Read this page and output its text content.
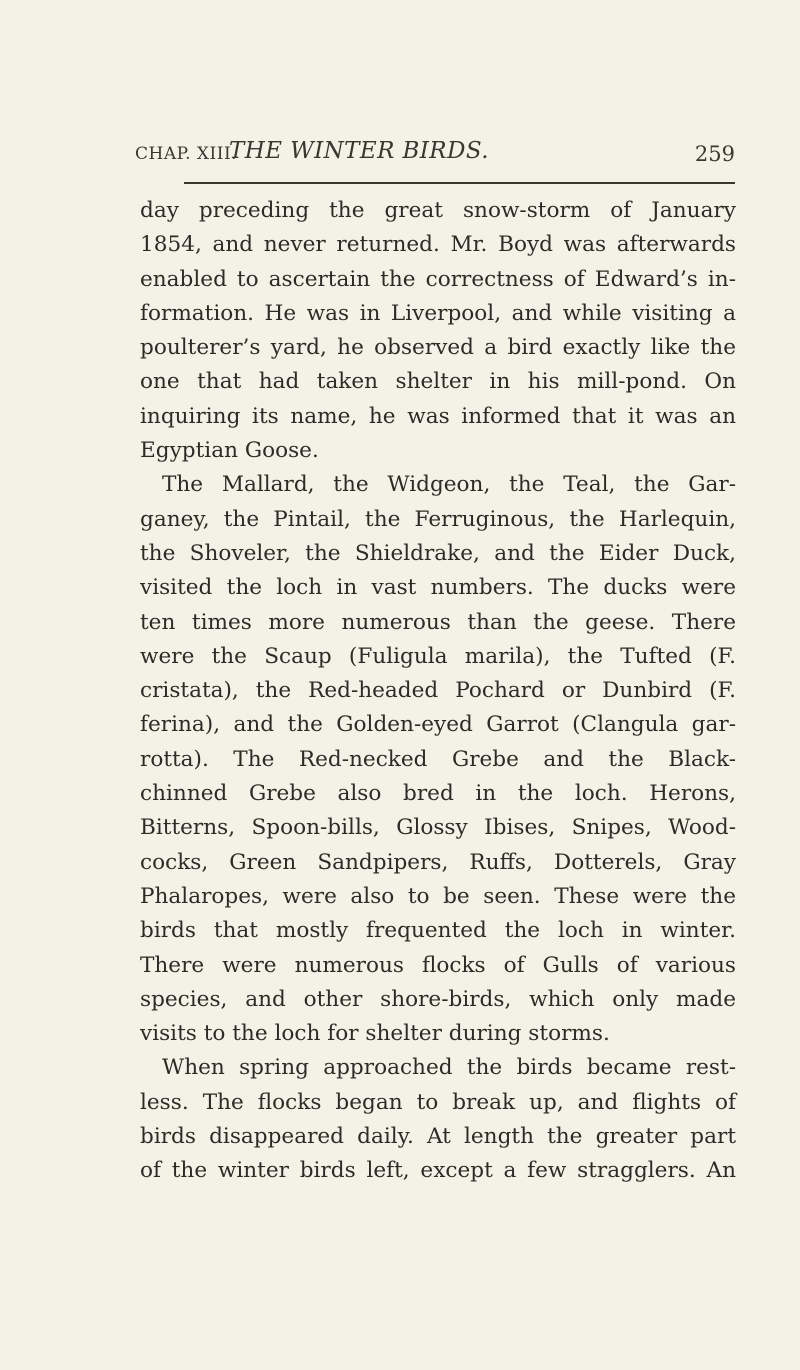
CHAP. XIII.
THE WINTER BIRDS.	259
day preceding the great snow-storm of January
1854, and never returned. Mr. Boyd was afterwards
enabled to ascertain the correctness of Edward’s in-
formation. He was in Liverpool, and while visiting a
poulterer’s yard, he observed a bird exactly like the
one that had taken shelter in his mill-pond. On
inquiring its name, he was informed that it was an
Egyptian Goose.
The Mallard, the Widgeon, the Teal, the Gar-
ganey, the Pintail, the Ferruginous, the Harlequin,
the Shoveler, the Shieldrake, and the Eider Duck,
visited the loch in vast numbers. The ducks were
ten times more numerous than the geese. There
were the Scaup (Fuligula marila), the Tufted (F.
cristata), the Red-headed Pochard or Dunbird (F.
ferina), and the Golden-eyed Garrot (Clangula gar-
rotta). The Red-necked Grebe and the Black-
chinned Grebe also bred in the loch. Herons,
Bitterns, Spoon-bills, Glossy Ibises, Snipes, Wood-
cocks, Green Sandpipers, Ruffs, Dotterels, Gray
Phalaropes, were also to be seen. These were the
birds that mostly frequented the loch in winter.
There were numerous flocks of Gulls of various
species, and other shore-birds, which only made
visits to the loch for shelter during storms.
When spring approached the birds became rest-
less. The flocks began to break up, and flights of
birds disappeared daily. At length the greater part
of the winter birds left, except a few stragglers. An
